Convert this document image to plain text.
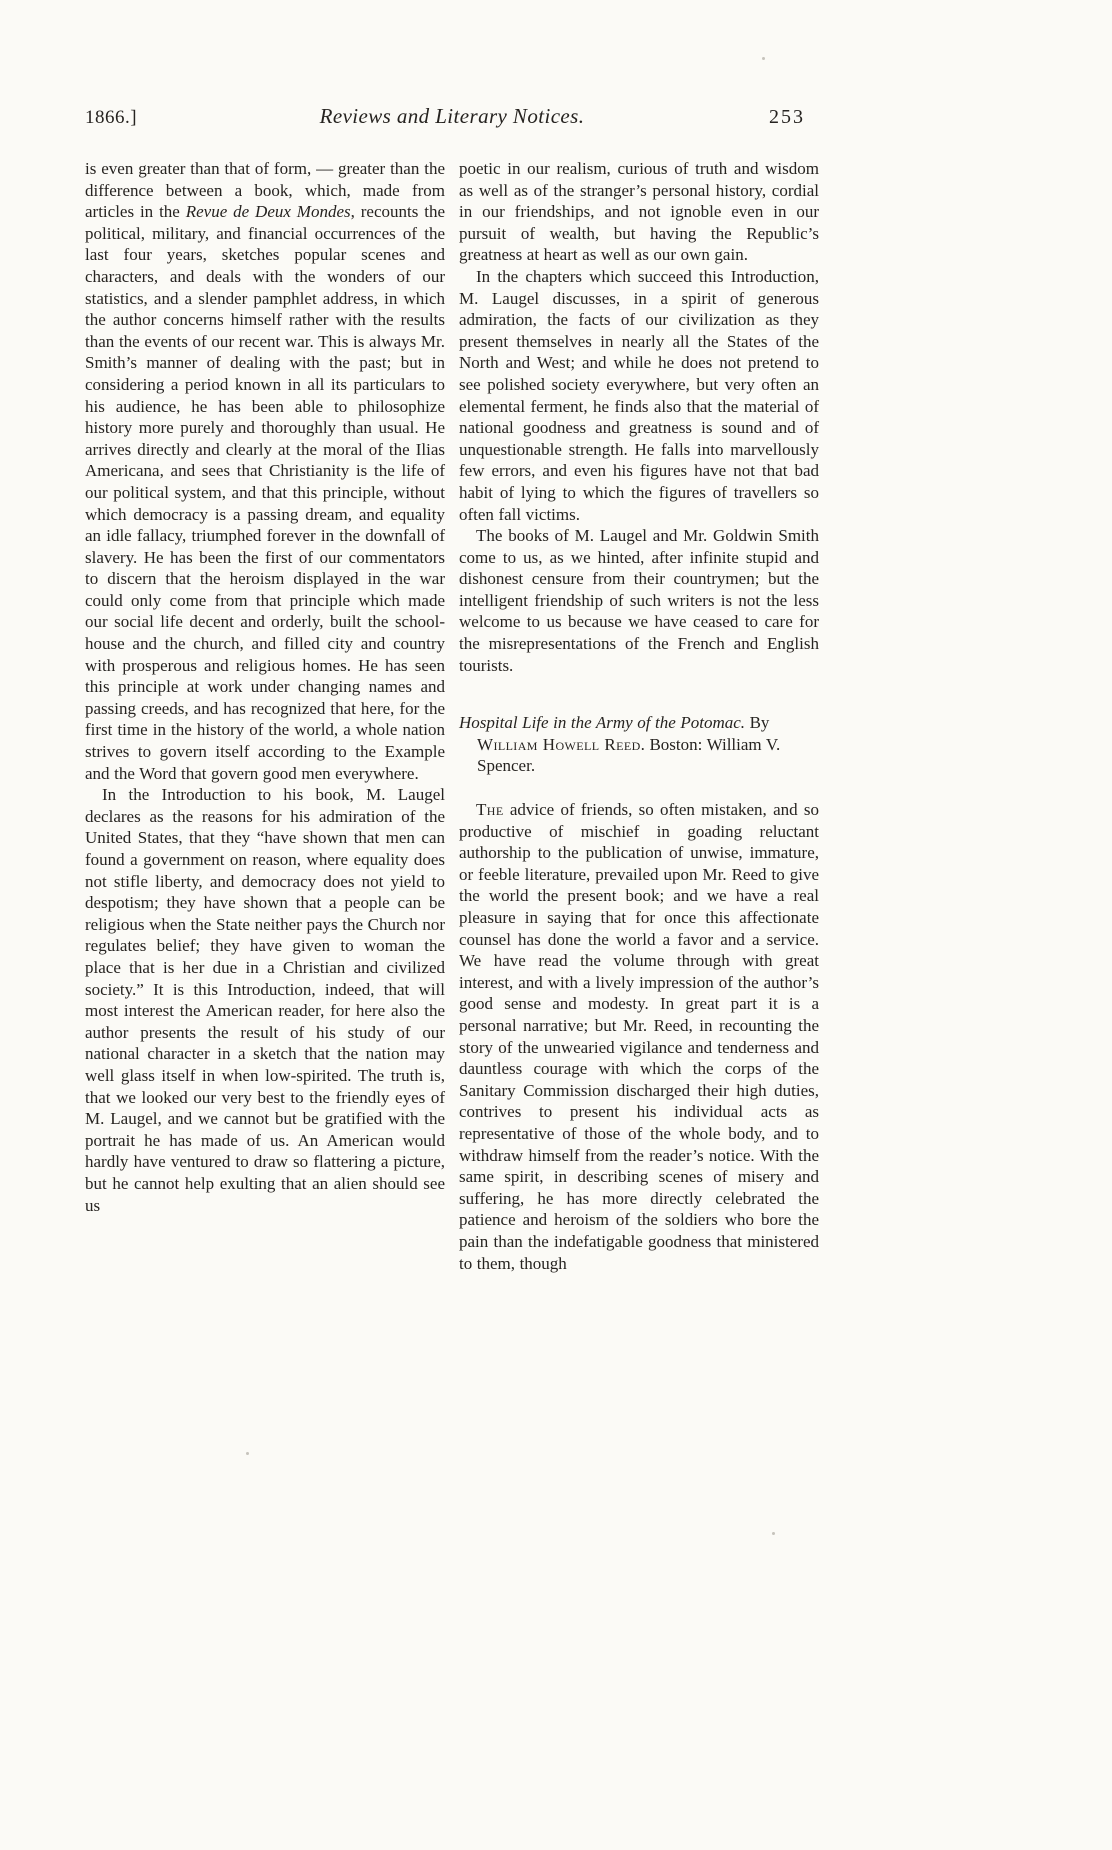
1866.]	Reviews and Literary Notices.	253

is even greater than that of form, — greater than the difference between a book, which, made from articles in the Revue de Deux Mondes, recounts the political, military, and financial occurrences of the last four years, sketches popular scenes and characters, and deals with the wonders of our statistics, and a slender pamphlet address, in which the author concerns himself rather with the results than the events of our recent war. This is always Mr. Smith’s manner of dealing with the past; but in considering a period known in all its particulars to his audience, he has been able to philosophize history more purely and thoroughly than usual. He arrives directly and clearly at the moral of the Ilias Americana, and sees that Christianity is the life of our political system, and that this principle, without which democracy is a passing dream, and equality an idle fallacy, triumphed forever in the downfall of slavery. He has been the first of our commentators to discern that the heroism displayed in the war could only come from that principle which made our social life decent and orderly, built the school-house and the church, and filled city and country with prosperous and religious homes. He has seen this principle at work under changing names and passing creeds, and has recognized that here, for the first time in the history of the world, a whole nation strives to govern itself according to the Example and the Word that govern good men everywhere.

In the Introduction to his book, M. Laugel declares as the reasons for his admiration of the United States, that they “have shown that men can found a government on reason, where equality does not stifle liberty, and democracy does not yield to despotism; they have shown that a people can be religious when the State neither pays the Church nor regulates belief; they have given to woman the place that is her due in a Christian and civilized society.” It is this Introduction, indeed, that will most interest the American reader, for here also the author presents the result of his study of our national character in a sketch that the nation may well glass itself in when low-spirited. The truth is, that we looked our very best to the friendly eyes of M. Laugel, and we cannot but be gratified with the portrait he has made of us. An American would hardly have ventured to draw so flattering a picture, but he cannot help exulting that an alien should see us

poetic in our realism, curious of truth and wisdom as well as of the stranger’s personal history, cordial in our friendships, and not ignoble even in our pursuit of wealth, but having the Republic’s greatness at heart as well as our own gain.

In the chapters which succeed this Introduction, M. Laugel discusses, in a spirit of generous admiration, the facts of our civilization as they present themselves in nearly all the States of the North and West; and while he does not pretend to see polished society everywhere, but very often an elemental ferment, he finds also that the material of national goodness and greatness is sound and of unquestionable strength. He falls into marvellously few errors, and even his figures have not that bad habit of lying to which the figures of travellers so often fall victims.

The books of M. Laugel and Mr. Goldwin Smith come to us, as we hinted, after infinite stupid and dishonest censure from their countrymen; but the intelligent friendship of such writers is not the less welcome to us because we have ceased to care for the misrepresentations of the French and English tourists.

Hospital Life in the Army of the Potomac. By William Howell Reed. Boston: William V. Spencer.

The advice of friends, so often mistaken, and so productive of mischief in goading reluctant authorship to the publication of unwise, immature, or feeble literature, prevailed upon Mr. Reed to give the world the present book; and we have a real pleasure in saying that for once this affectionate counsel has done the world a favor and a service. We have read the volume through with great interest, and with a lively impression of the author’s good sense and modesty. In great part it is a personal narrative; but Mr. Reed, in recounting the story of the unwearied vigilance and tenderness and dauntless courage with which the corps of the Sanitary Commission discharged their high duties, contrives to present his individual acts as representative of those of the whole body, and to withdraw himself from the reader’s notice. With the same spirit, in describing scenes of misery and suffering, he has more directly celebrated the patience and heroism of the soldiers who bore the pain than the indefatigable goodness that ministered to them, though
